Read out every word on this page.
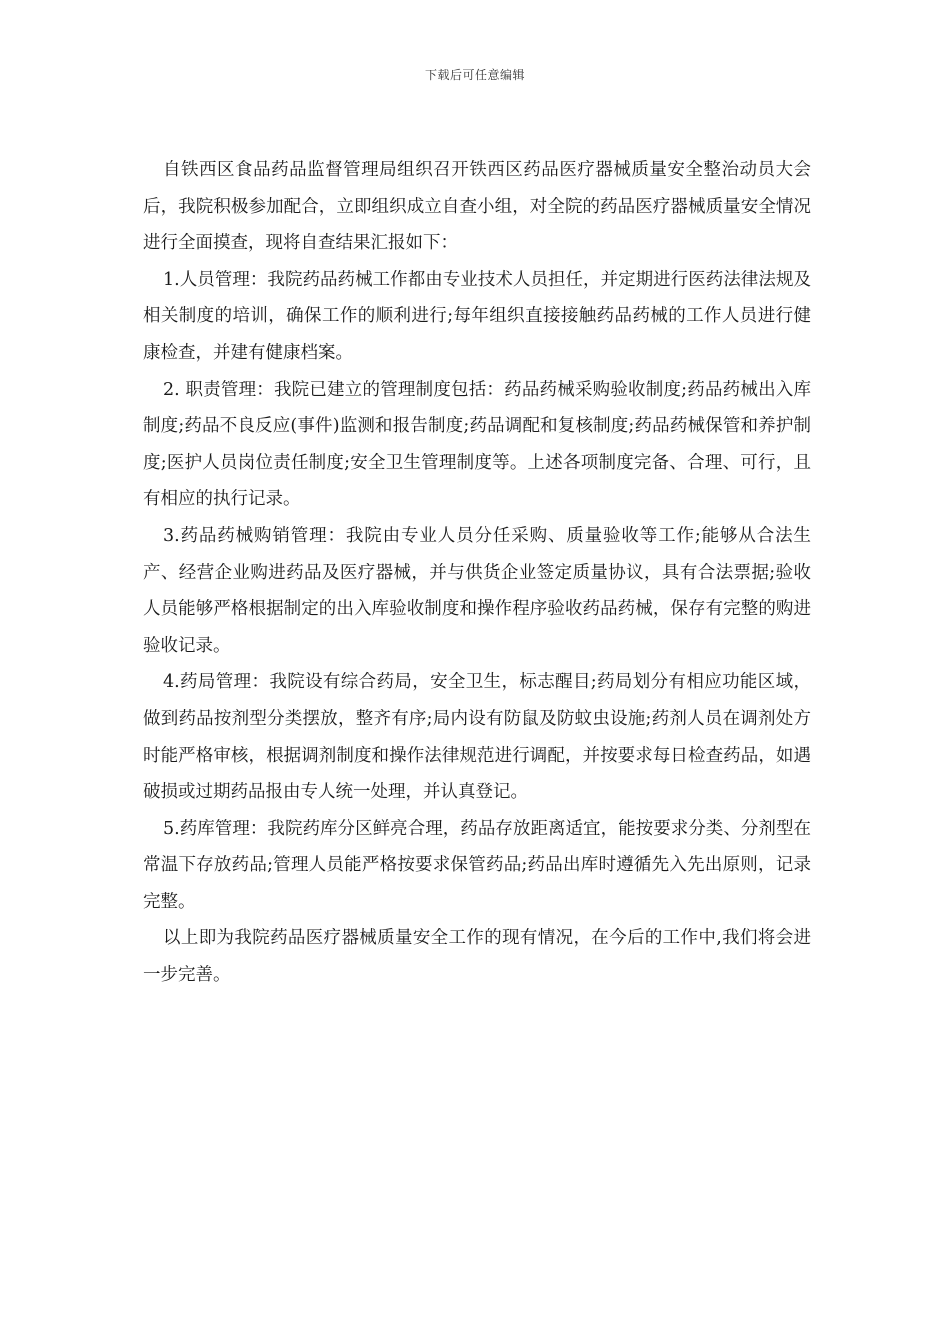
下载后可任意编辑

自铁西区食品药品监督管理局组织召开铁西区药品医疗器械质量安全整治动员大会后，我院积极参加配合，立即组织成立自查小组，对全院的药品医疗器械质量安全情况进行全面摸查，现将自查结果汇报如下：

1.人员管理：我院药品药械工作都由专业技术人员担任，并定期进行医药法律法规及相关制度的培训，确保工作的顺利进行;每年组织直接接触药品药械的工作人员进行健康检查，并建有健康档案。

2. 职责管理：我院已建立的管理制度包括：药品药械采购验收制度;药品药械出入库制度;药品不良反应(事件)监测和报告制度;药品调配和复核制度;药品药械保管和养护制度;医护人员岗位责任制度;安全卫生管理制度等。上述各项制度完备、合理、可行，且有相应的执行记录。

3.药品药械购销管理：我院由专业人员分任采购、质量验收等工作;能够从合法生产、经营企业购进药品及医疗器械，并与供货企业签定质量协议，具有合法票据;验收人员能够严格根据制定的出入库验收制度和操作程序验收药品药械，保存有完整的购进验收记录。

4.药局管理：我院设有综合药局，安全卫生，标志醒目;药局划分有相应功能区域，做到药品按剂型分类摆放，整齐有序;局内设有防鼠及防蚊虫设施;药剂人员在调剂处方时能严格审核，根据调剂制度和操作法律规范进行调配，并按要求每日检查药品，如遇破损或过期药品报由专人统一处理，并认真登记。

5.药库管理：我院药库分区鲜亮合理，药品存放距离适宜，能按要求分类、分剂型在常温下存放药品;管理人员能严格按要求保管药品;药品出库时遵循先入先出原则，记录完整。

以上即为我院药品医疗器械质量安全工作的现有情况，在今后的工作中,我们将会进一步完善。
